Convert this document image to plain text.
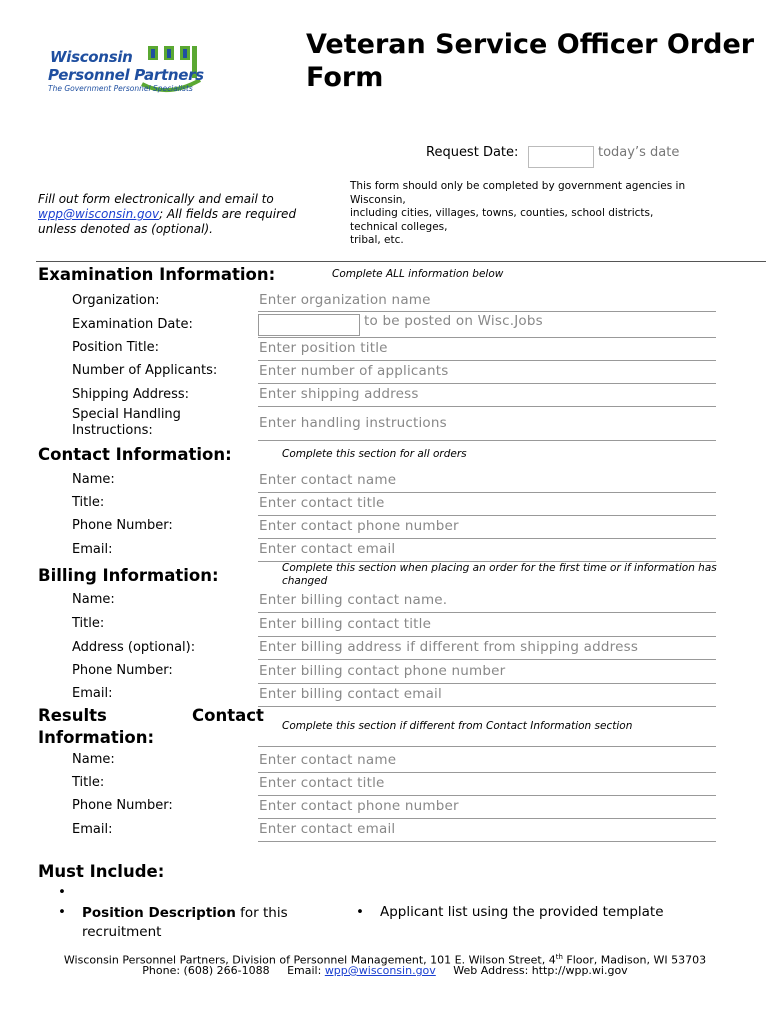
Wisconsin
Personnel Partners
The Government Personnel Specialists
Veteran Service Officer Order Form
Request Date:	today’s date
Fill out form electronically and email to wpp@wisconsin.gov; All fields are required unless denoted as (optional).
This form should only be completed by government agencies in
Wisconsin,
including cities, villages, towns, counties, school districts,
technical colleges,
tribal, etc.
Examination Information:	Complete ALL information below
Organization:	Enter organization name
Examination Date:	to be posted on Wisc.Jobs
Position Title:	Enter position title
Number of Applicants:	Enter number of applicants
Shipping Address:	Enter shipping address
Special Handling
Instructions:	Enter handling instructions
Contact Information:	Complete this section for all orders
Name:	Enter contact name
Title:	Enter contact title
Phone Number:	Enter contact phone number
Email:	Enter contact email
Billing Information:	Complete this section when placing an order for the first time or if information has
changed
Name:	Enter billing contact name.
Title:	Enter billing contact title
Address (optional):	Enter billing address if different from shipping address
Phone Number:	Enter billing contact phone number
Email:	Enter billing contact email
Results	Contact
Information:
Complete this section if different from Contact Information section
Name:	Enter contact name
Title:	Enter contact title
Phone Number:	Enter contact phone number
Email:	Enter contact email
Must Include:
•
• Position Description for this
recruitment
• Applicant list using the provided template
Wisconsin Personnel Partners, Division of Personnel Management, 101 E. Wilson Street, 4th Floor, Madison, WI 53703
Phone: (608) 266-1088 Email: wpp@wisconsin.gov Web Address: http://wpp.wi.gov
